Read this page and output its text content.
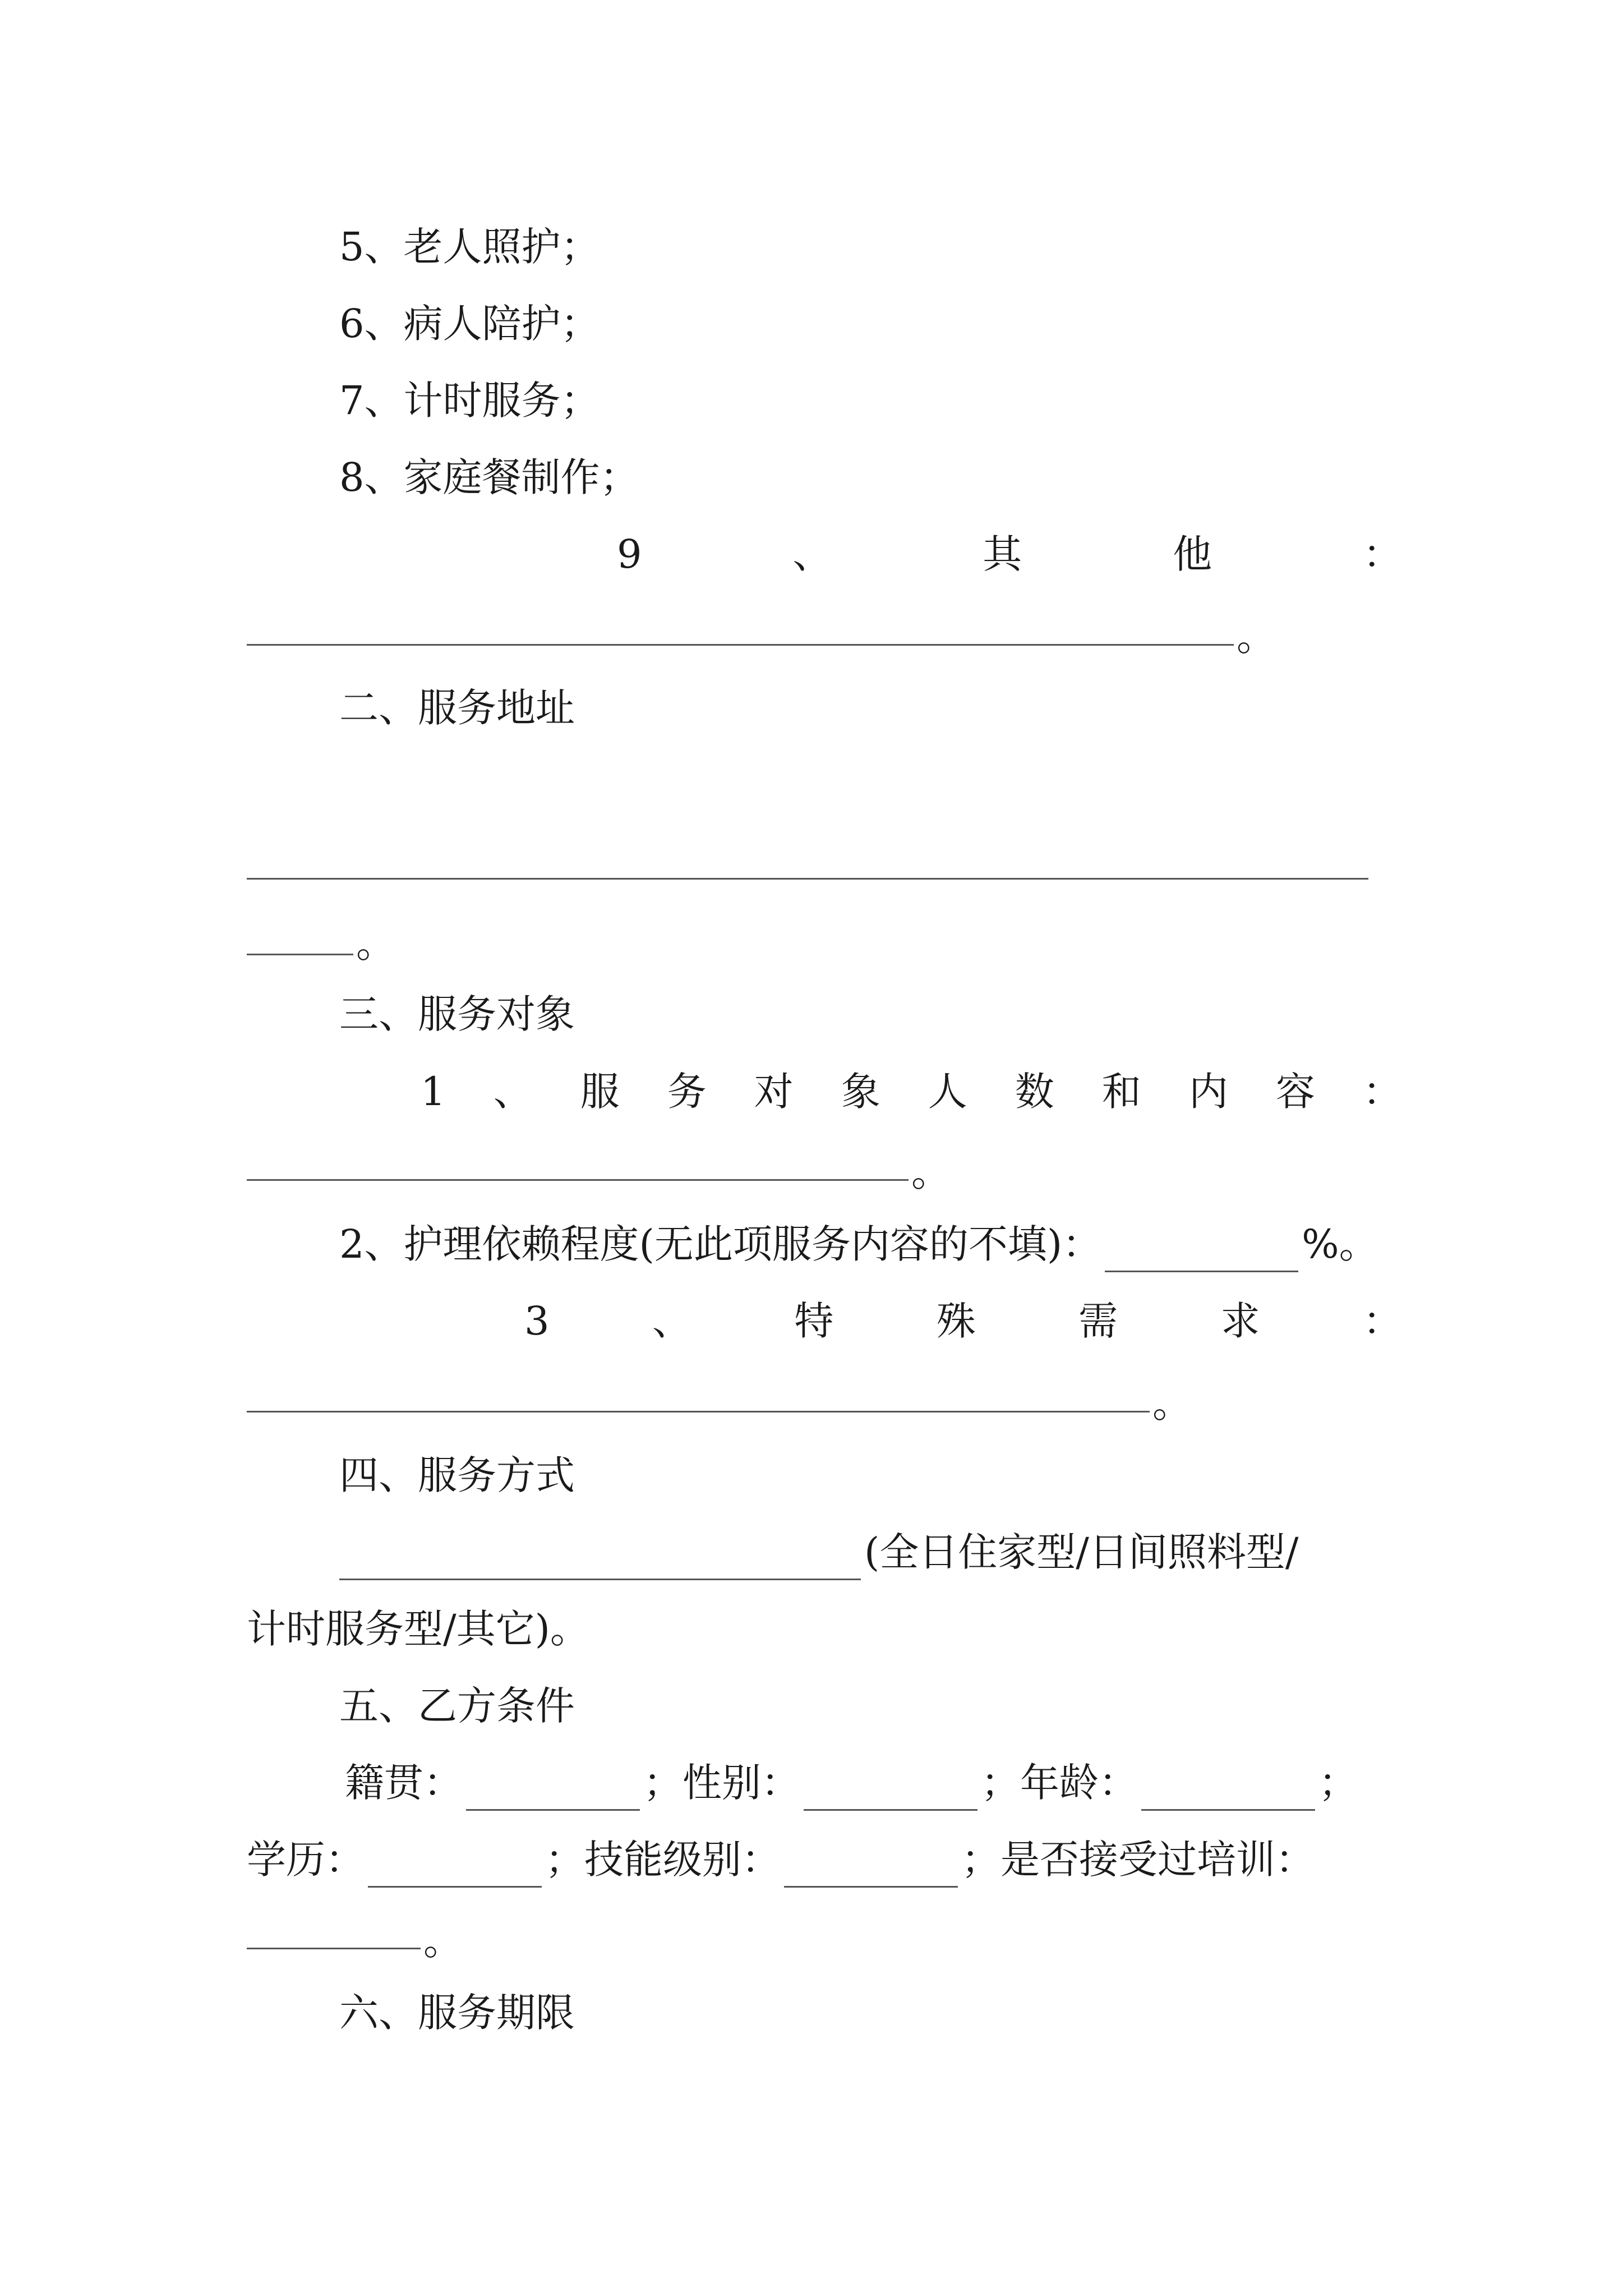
5、老人照护；
6、病人陪护；
7、计时服务；
8、家庭餐制作；
9	、	其	他	：
。
二、服务地址
。
三、服务对象
1 、 服 务 对 象 人 数 和 内 容 ：
。
2、护理依赖程度(无此项服务内容的不填)：	%。
3	、	特	殊	需	求	：
。
四、服务方式
(全日住家型/日间照料型/
计时服务型/其它)。
五、乙方条件
籍贯：	；性别：	；年龄：	；
学历：	；技能级别：	；是否接受过培训：
。
六、服务期限
